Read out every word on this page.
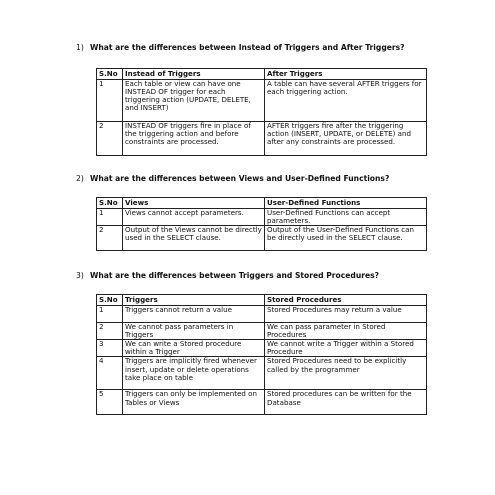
1) What are the differences between Instead of Triggers and After Triggers?
S.No	Instead of Triggers	After Triggers
1	Each table or view can have one INSTEAD OF trigger for each triggering action (UPDATE, DELETE, and INSERT)	A table can have several AFTER triggers for each triggering action.
2	INSTEAD OF triggers fire in place of the triggering action and before constraints are processed.	AFTER triggers fire after the triggering action (INSERT, UPDATE, or DELETE) and after any constraints are processed.
2) What are the differences between Views and User-Defined Functions?
S.No	Views	User-Defined Functions
1	Views cannot accept parameters.	User-Defined Functions can accept parameters.
2	Output of the Views cannot be directly used in the SELECT clause.	Output of the User-Defined Functions can be directly used in the SELECT clause.
3) What are the differences between Triggers and Stored Procedures?
S.No	Triggers	Stored Procedures
1	Triggers cannot return a value	Stored Procedures may return a value
2	We cannot pass parameters in Triggers	We can pass parameter in Stored Procedures
3	We can write a Stored procedure within a Trigger	We cannot write a Trigger within a Stored Procedure
4	Triggers are implicitly fired whenever insert, update or delete operations take place on table	Stored Procedures need to be explicitly called by the programmer
5	Triggers can only be implemented on Tables or Views	Stored procedures can be written for the Database
